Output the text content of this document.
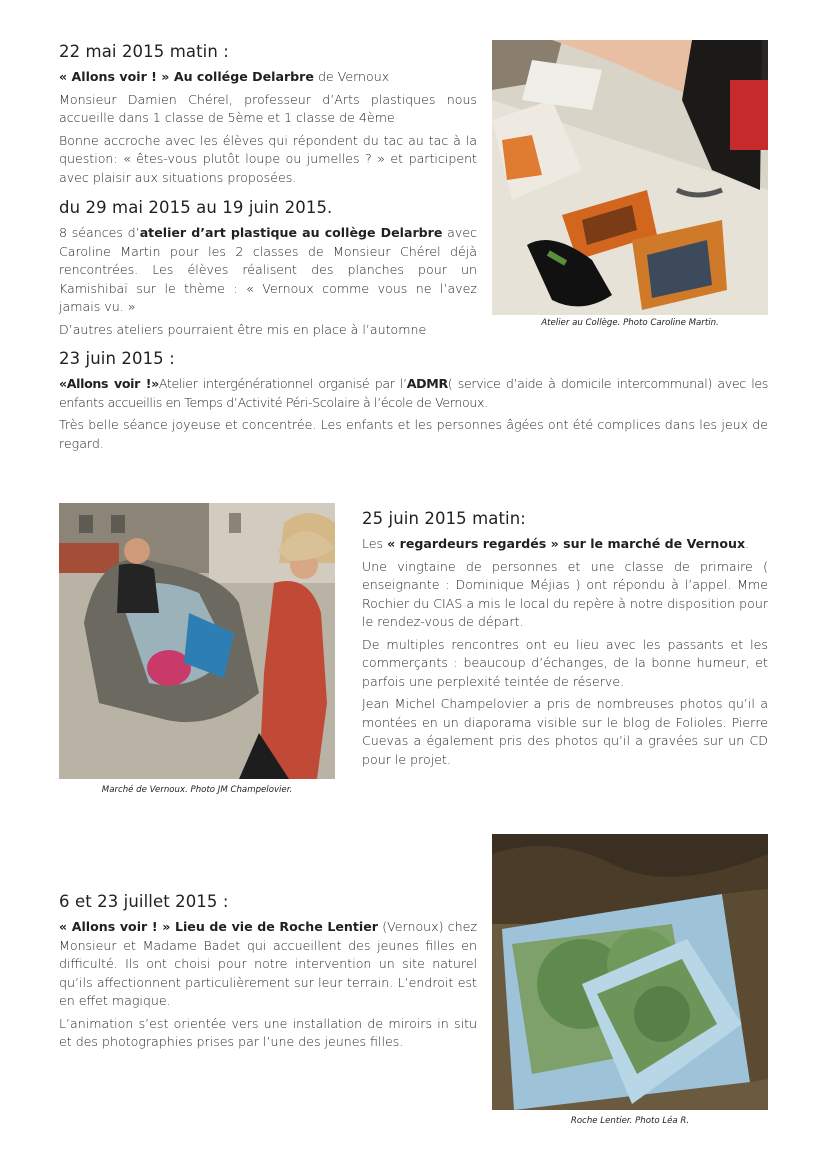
22 mai 2015 matin :

« Allons voir ! » Au collége Delarbre de Vernoux

Monsieur Damien Chérel, professeur d’Arts plastiques nous accueille dans 1 classe de 5ème et 1 classe de 4ème

Bonne accroche avec les élèves qui répondent du tac au tac à la question: « êtes-vous plutôt loupe ou jumelles ? » et participent avec plaisir aux situations proposées.

du 29 mai 2015 au 19 juin 2015.

8 séances d’atelier d’art plastique au collège Delarbre avec Caroline Martin pour les 2 classes de Monsieur Chérel déjà rencontrées. Les élèves réalisent des planches pour un Kamishibaï sur le thème : « Vernoux comme vous ne l’avez jamais vu. »

D’autres ateliers pourraient être mis en place à l’automne	Atelier au Collège. Photo Caroline Martin.
23 juin 2015 :

«Allons voir !»Atelier intergénérationnel organisé par l’ADMR( service d’aide à domicile intercommunal) avec les enfants accueillis en Temps d’Activité Péri-Scolaire à l’école de Vernoux.

Très belle séance joyeuse et concentrée. Les enfants et les personnes âgées ont été complices dans les jeux de regard.

Marché de Vernoux. Photo JM Champelovier.
25 juin 2015 matin:

Les « regardeurs regardés » sur le marché de Vernoux.

Une vingtaine de personnes et une classe de primaire ( enseignante : Dominique Méjias ) ont répondu à l’appel. Mme Rochier du CIAS a mis le local du repère à notre disposition pour le rendez-vous de départ.

De multiples rencontres ont eu lieu avec les passants et les commerçants : beaucoup d’échanges, de la bonne humeur, et parfois une perplexité teintée de réserve.

Jean Michel Champelovier a pris de nombreuses photos qu’il a montées en un diaporama visible sur le blog de Folioles. Pierre Cuevas a également pris des photos qu’il a gravées sur un CD pour le projet.

6 et 23 juillet 2015 :

« Allons voir ! » Lieu de vie de Roche Lentier (Vernoux) chez Monsieur et Madame Badet qui accueillent des jeunes filles en difficulté. Ils ont choisi pour notre intervention un site naturel qu’ils affectionnent particulièrement sur leur terrain. L’endroit est en effet magique.

L’animation s’est orientée vers une installation de miroirs in situ et des photographies prises par l’une des jeunes filles.

Roche Lentier. Photo Léa R.
